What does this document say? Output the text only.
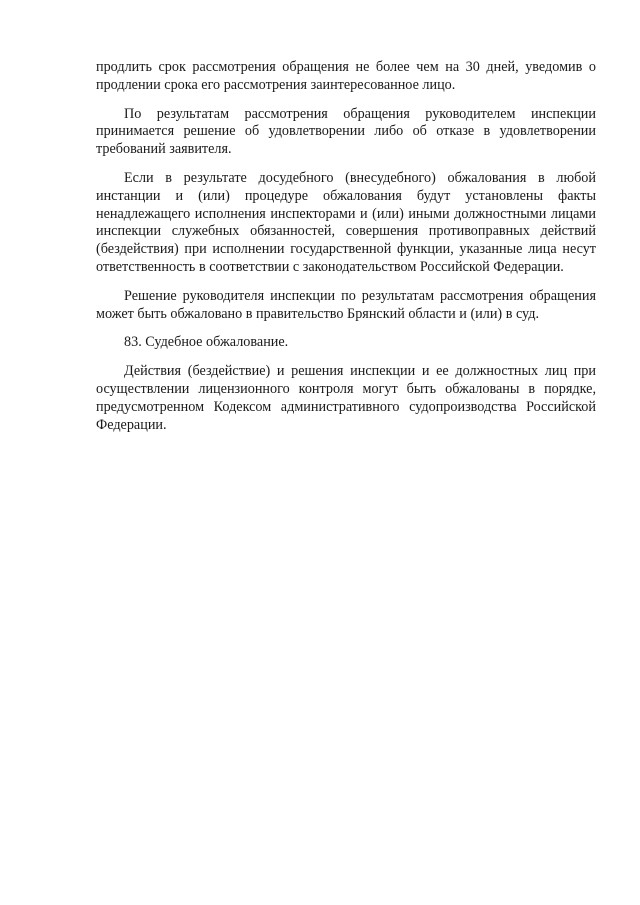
продлить срок рассмотрения обращения не более чем на 30 дней, уведомив о продлении срока его рассмотрения заинтересованное лицо.

По результатам рассмотрения обращения руководителем инспекции принимается решение об удовлетворении либо об отказе в удовлетворении требований заявителя.

Если в результате досудебного (внесудебного) обжалования в любой инстанции и (или) процедуре обжалования будут установлены факты ненадлежащего исполнения инспекторами и (или) иными должностными лицами инспекции служебных обязанностей, совершения противоправных действий (бездействия) при исполнении государственной функции, указанные лица несут ответственность в соответствии с законодательством Российской Федерации.

Решение руководителя инспекции по результатам рассмотрения обращения может быть обжаловано в правительство Брянский области и (или) в суд.

83. Судебное обжалование.

Действия (бездействие) и решения инспекции и ее должностных лиц при осуществлении лицензионного контроля могут быть обжалованы в порядке, предусмотренном Кодексом административного судопроизводства Российской Федерации.
